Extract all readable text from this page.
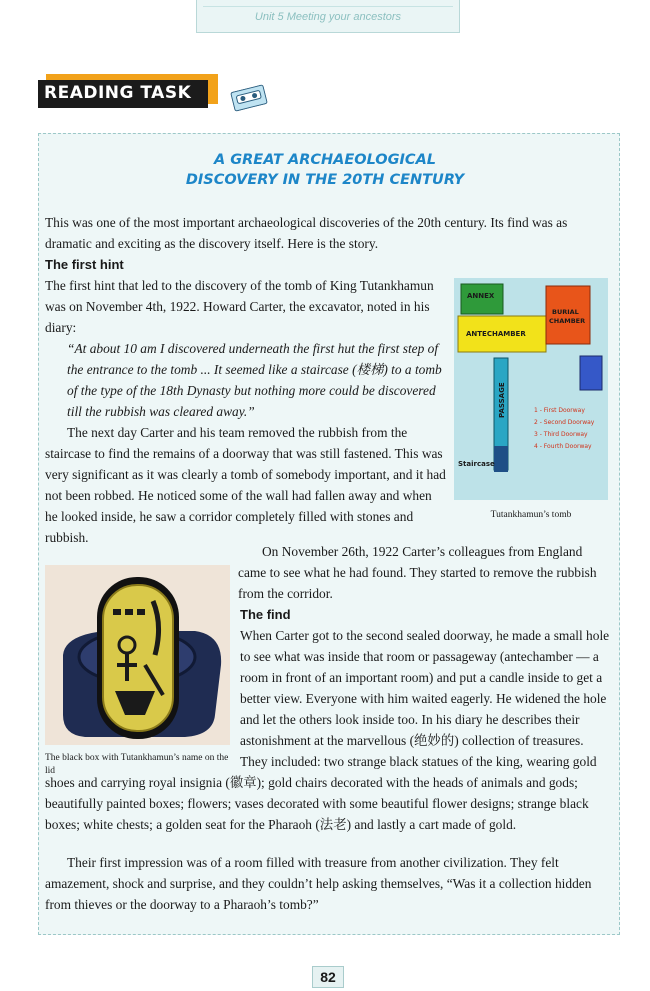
Unit 5 Meeting your ancestors
READING TASK
A GREAT ARCHAEOLOGICAL
DISCOVERY IN THE 20TH CENTURY
This was one of the most important archaeological discoveries of the 20th century. Its find was as dramatic and exciting as the discovery itself. Here is the story.
The first hint
The first hint that led to the discovery of the tomb of King Tutankhamun was on November 4th, 1922. Howard Carter, the excavator, noted in his diary:
“At about 10 am I discovered underneath the first hut the first step of the entrance to the tomb ... It seemed like a staircase (楼梯) to a tomb of the type of the 18th Dynasty but nothing more could be discovered till the rubbish was cleared away.”
The next day Carter and his team removed the rubbish from the staircase to find the remains of a doorway that was still fastened. This was very significant as it was clearly a tomb of somebody important, and it had not been robbed. He noticed some of the wall had fallen away and when he looked inside, he saw a corridor completely filled with stones and rubbish.
ANNEX
ANTECHAMBER
BURIAL CHAMBER
PASSAGE
Staircase
1 - First Doorway
2 - Second Doorway
3 - Third Doorway
4 - Fourth Doorway
Tutankhamun’s tomb
On November 26th, 1922 Carter’s colleagues from England came to see what he had found. They started to remove the rubbish from the corridor.
The find
The black box with Tutankhamun’s name on the lid
When Carter got to the second sealed doorway, he made a small hole to see what was inside that room or passageway (antechamber — a room in front of an important room) and put a candle inside to get a better view. Everyone with him waited eagerly. He widened the hole and let the others look inside too. In his diary he describes their astonishment at the marvellous (绝妙的) collection of treasures. They included: two strange black statues of the king, wearing gold shoes and carrying royal insignia (徽章); gold chairs decorated with the heads of animals and gods; beautifully painted boxes; flowers; vases decorated with some beautiful flower designs; strange black boxes; white chests; a golden seat for the Pharaoh (法老) and lastly a cart made of gold.
Their first impression was of a room filled with treasure from another civilization. They felt amazement, shock and surprise, and they couldn’t help asking themselves, “Was it a collection hidden from thieves or the doorway to a Pharaoh’s tomb?”
82
